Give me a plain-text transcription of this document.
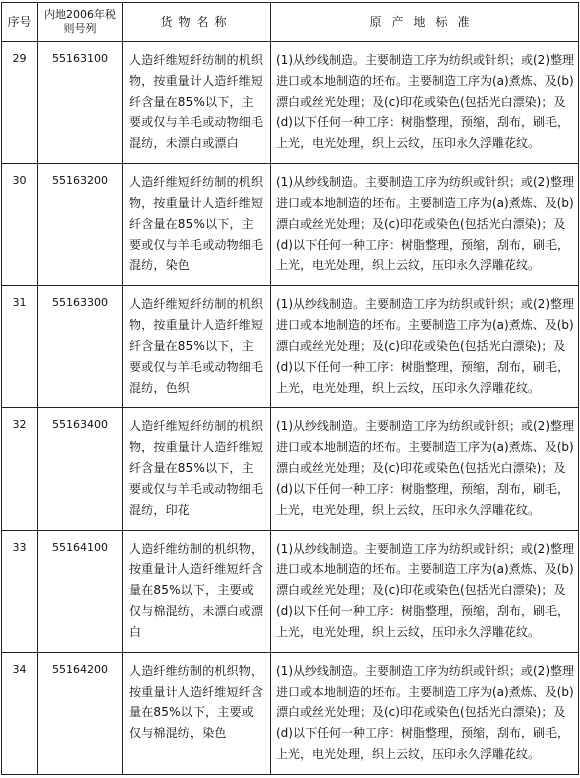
序号	内地2006年税则号列	货物名称	原产地标准

29	55163100	人造纤维短纤纺制的机织物，按重量计人造纤维短纤含量在85%以下，主要或仅与羊毛或动物细毛混纺，未漂白或漂白	(1)从纱线制造。主要制造工序为纺织或针织；或(2)整理进口或本地制造的坯布。主要制造工序为(a)煮炼、及(b)漂白或丝光处理；及(c)印花或染色(包括光白漂染)；及(d)以下任何一种工序：树脂整理，预缩，刮布，刷毛，上光，电光处理，织上云纹，压印永久浮雕花纹。

30	55163200	人造纤维短纤纺制的机织物，按重量计人造纤维短纤含量在85%以下，主要或仅与羊毛或动物细毛混纺，染色	(1)从纱线制造。主要制造工序为纺织或针织；或(2)整理进口或本地制造的坯布。主要制造工序为(a)煮炼、及(b)漂白或丝光处理；及(c)印花或染色(包括光白漂染)；及(d)以下任何一种工序：树脂整理，预缩，刮布，刷毛，上光，电光处理，织上云纹，压印永久浮雕花纹。

31	55163300	人造纤维短纤纺制的机织物，按重量计人造纤维短纤含量在85%以下，主要或仅与羊毛或动物细毛混纺，色织	(1)从纱线制造。主要制造工序为纺织或针织；或(2)整理进口或本地制造的坯布。主要制造工序为(a)煮炼、及(b)漂白或丝光处理；及(c)印花或染色(包括光白漂染)；及(d)以下任何一种工序：树脂整理，预缩，刮布，刷毛，上光，电光处理，织上云纹，压印永久浮雕花纹。

32	55163400	人造纤维短纤纺制的机织物，按重量计人造纤维短纤含量在85%以下，主要或仅与羊毛或动物细毛混纺，印花	(1)从纱线制造。主要制造工序为纺织或针织；或(2)整理进口或本地制造的坯布。主要制造工序为(a)煮炼、及(b)漂白或丝光处理；及(c)印花或染色(包括光白漂染)；及(d)以下任何一种工序：树脂整理，预缩，刮布，刷毛，上光，电光处理，织上云纹，压印永久浮雕花纹。

33	55164100	人造纤维纺制的机织物，按重量计人造纤维短纤含量在85%以下，主要或仅与棉混纺，未漂白或漂白	(1)从纱线制造。主要制造工序为纺织或针织；或(2)整理进口或本地制造的坯布。主要制造工序为(a)煮炼、及(b)漂白或丝光处理；及(c)印花或染色(包括光白漂染)；及(d)以下任何一种工序：树脂整理，预缩，刮布，刷毛，上光，电光处理，织上云纹，压印永久浮雕花纹。

34	55164200	人造纤维纺制的机织物，按重量计人造纤维短纤含量在85%以下，主要或仅与棉混纺，染色	(1)从纱线制造。主要制造工序为纺织或针织；或(2)整理进口或本地制造的坯布。主要制造工序为(a)煮炼、及(b)漂白或丝光处理；及(c)印花或染色(包括光白漂染)；及(d)以下任何一种工序：树脂整理，预缩，刮布，刷毛，上光，电光处理，织上云纹，压印永久浮雕花纹。
